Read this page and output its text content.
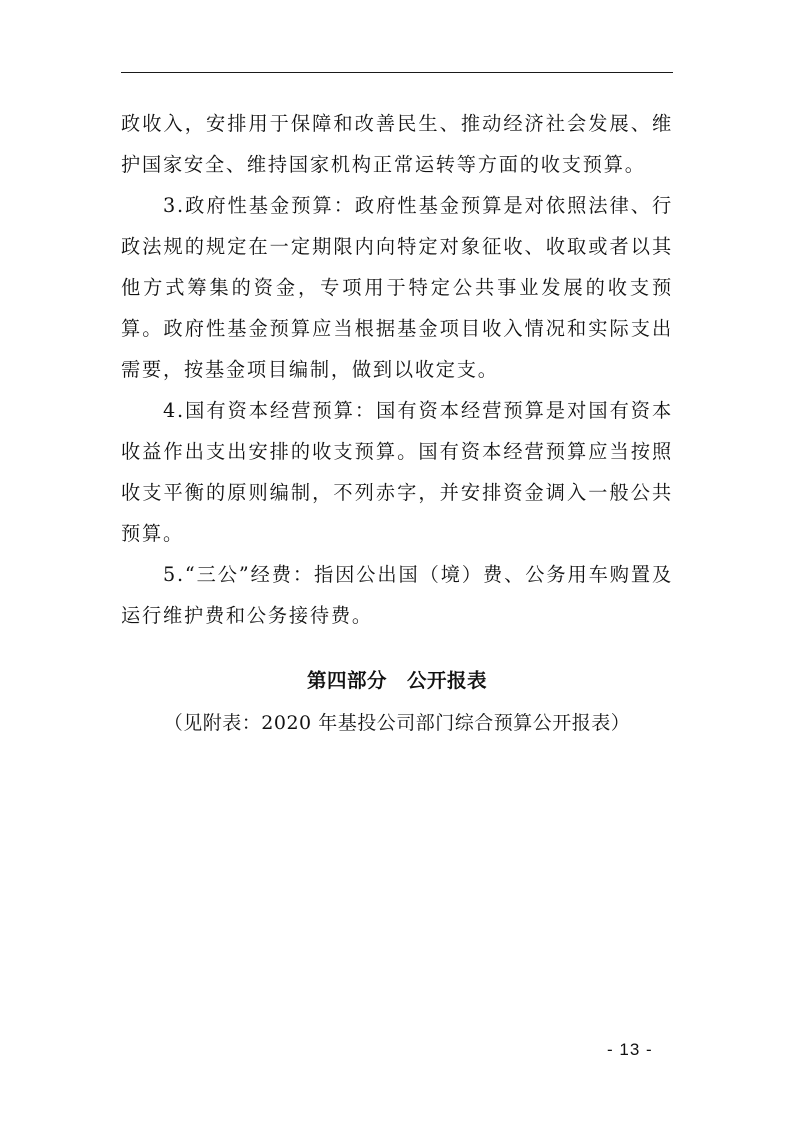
政收入，安排用于保障和改善民生、推动经济社会发展、维护国家安全、维持国家机构正常运转等方面的收支预算。

3.政府性基金预算：政府性基金预算是对依照法律、行政法规的规定在一定期限内向特定对象征收、收取或者以其他方式筹集的资金，专项用于特定公共事业发展的收支预算。政府性基金预算应当根据基金项目收入情况和实际支出需要，按基金项目编制，做到以收定支。

4.国有资本经营预算：国有资本经营预算是对国有资本收益作出支出安排的收支预算。国有资本经营预算应当按照收支平衡的原则编制，不列赤字，并安排资金调入一般公共预算。

5.“三公”经费：指因公出国（境）费、公务用车购置及运行维护费和公务接待费。

第四部分　公开报表
（见附表：2020 年基投公司部门综合预算公开报表）
- 13 -
